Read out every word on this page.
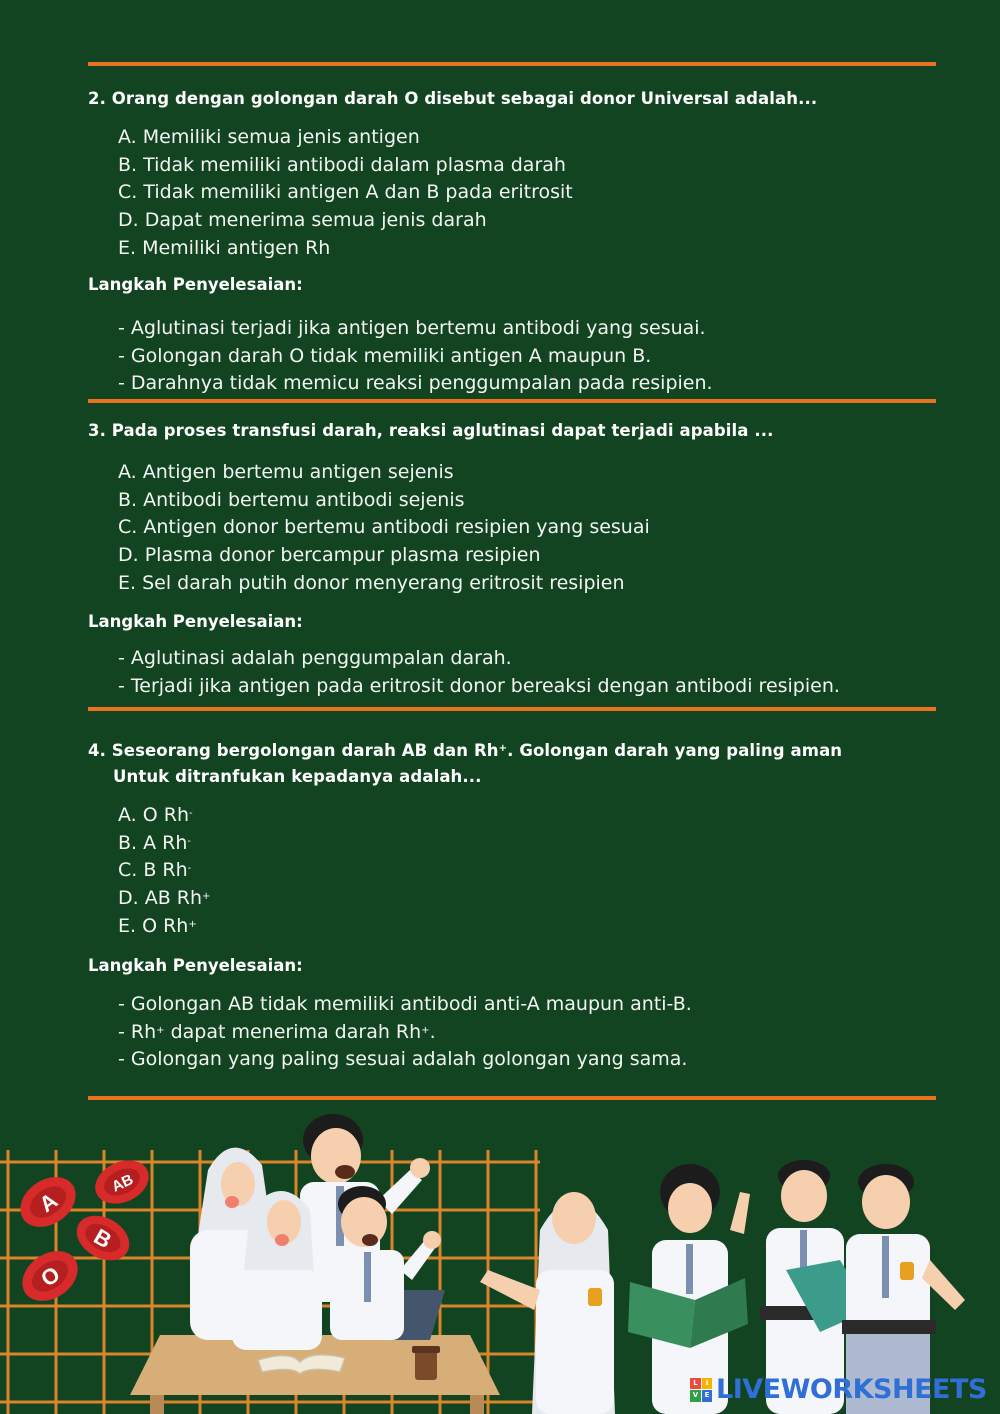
2. Orang dengan golongan darah O disebut sebagai donor Universal adalah...
A. Memiliki semua jenis antigen
B. Tidak memiliki antibodi dalam plasma darah
C. Tidak memiliki antigen A dan B pada eritrosit
D. Dapat menerima semua jenis darah
E. Memiliki antigen Rh
Langkah Penyelesaian:
- Aglutinasi terjadi jika antigen bertemu antibodi yang sesuai.
- Golongan darah O tidak memiliki antigen A maupun B.
- Darahnya tidak memicu reaksi penggumpalan pada resipien.
3. Pada proses transfusi darah, reaksi aglutinasi dapat terjadi apabila ...
A. Antigen bertemu antigen sejenis
B. Antibodi bertemu antibodi sejenis
C. Antigen donor bertemu antibodi resipien yang sesuai
D. Plasma donor bercampur plasma resipien
E. Sel darah putih donor menyerang eritrosit resipien
Langkah Penyelesaian:
- Aglutinasi adalah penggumpalan darah.
- Terjadi jika antigen pada eritrosit donor bereaksi dengan antibodi resipien.
4. Seseorang bergolongan darah AB dan Rh+. Golongan darah yang paling aman
Untuk ditranfukan kepadanya adalah...
A. O Rh-
B. A Rh-
C. B Rh-
D. AB Rh+
E. O Rh+
Langkah Penyelesaian:
- Golongan AB tidak memiliki antibodi anti-A maupun anti-B.
- Rh+ dapat menerima darah Rh+.
- Golongan yang paling sesuai adalah golongan yang sama.
A
AB
B
O
L	I
V E LIVEWORKSHEETS
